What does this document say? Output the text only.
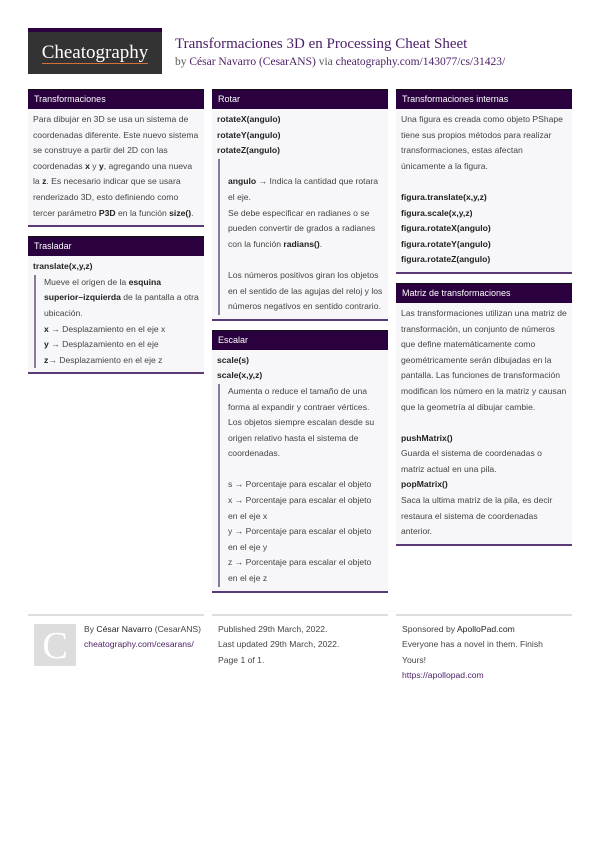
Cheatography Transformaciones 3D en Processing Cheat Sheet
by César Navarro (CesarANS) via cheatography.com/143077/cs/31423/
Transformaciones
Para dibujar en 3D se usa un sistema de coordenadas diferente. Este nuevo sistema se construye a partir del 2D con las coordenadas x y y, agregando una nueva la z. Es necesario indicar que se usara renderizado 3D, esto definiendo como tercer parámetro P3D en la función size().
Trasladar
translate(x,y,z)
Mueve el origen de la esquina superior–izquierda de la pantalla a otra ubicación.
x → Desplazamiento en el eje x
y → Desplazamiento en el eje
z→ Desplazamiento en el eje z
Rotar
rotateX(angulo)
rotateY(angulo)
rotateZ(angulo)
angulo → Indica la cantidad que rotara el eje.
Se debe especificar en radianes o se pueden convertir de grados a radianes con la función radians().
Los números positivos giran los objetos en el sentido de las agujas del reloj y los números negativos en sentido contrario.
Escalar
scale(s)
scale(x,y,z)
Aumenta o reduce el tamaño de una forma al expandir y contraer vértices. Los objetos siempre escalan desde su origen relativo hasta el sistema de coordenadas.
s → Porcentaje para escalar el objeto
x → Porcentaje para escalar el objeto en el eje x
y → Porcentaje para escalar el objeto en el eje y
z → Porcentaje para escalar el objeto en el eje z
Transformaciones internas
Una figura es creada como objeto PShape tiene sus propios métodos para realizar transformaciones, estas afectan únicamente a la figura.
figura.translate(x,y,z)
figura.scale(x,y,z)
figura.rotateX(angulo)
figura.rotateY(angulo)
figura.rotateZ(angulo)
Matriz de transformaciones
Las transformaciones utilizan una matriz de transformación, un conjunto de números que define matemáticamente como geométricamente serán dibujadas en la pantalla. Las funciones de transformación modifican los número en la matriz y causan que la geometría al dibujar cambie.
pushMatrix()
Guarda el sistema de coordenadas o matriz actual en una pila.
popMatrix()
Saca la ultima matriz de la pila, es decir restaura el sistema de coordenadas anterior.
C	By César Navarro (CesarANS)
cheatography.com/cesarans/
Published 29th March, 2022.
Last updated 29th March, 2022.
Page 1 of 1.
Sponsored by ApolloPad.com
Everyone has a novel in them. Finish Yours!
https://apollopad.com
